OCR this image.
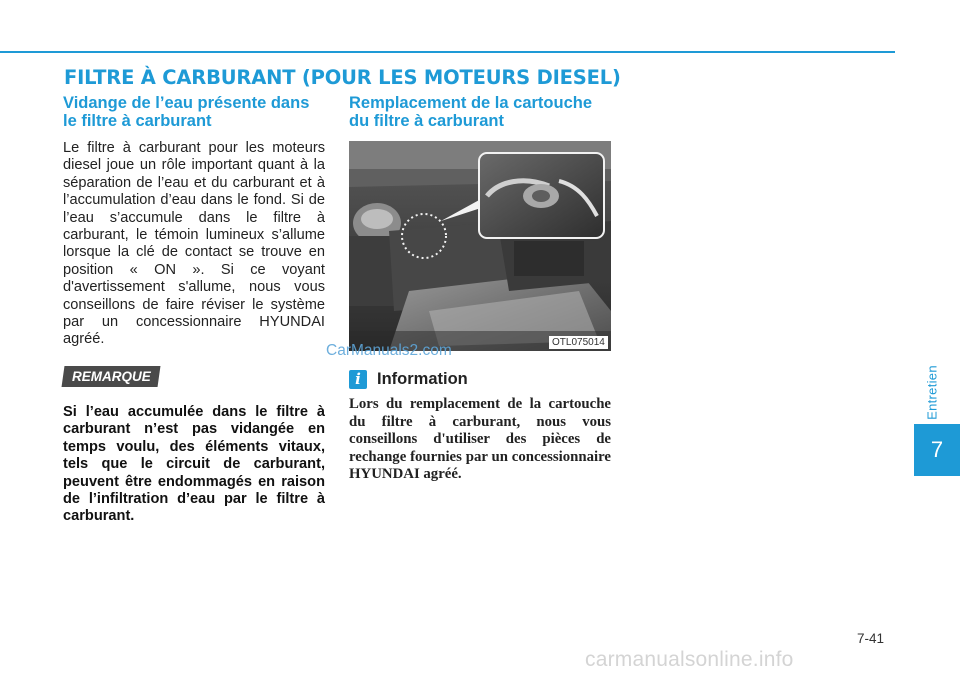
FILTRE À CARBURANT (POUR LES MOTEURS DIESEL)
Vidange de l’eau présente dans le filtre à carburant

Le filtre à carburant pour les moteurs diesel joue un rôle important quant à la séparation de l’eau et du carburant et à l’accumulation d’eau dans le fond. Si de l’eau s’accumule dans le filtre à carburant, le témoin lumineux s’allume lorsque la clé de contact se trouve en position « ON ». Si ce voyant d'avertissement s'allume, nous vous conseillons de faire réviser le système par un concessionnaire HYUNDAI agréé.

REMARQUE

Si l’eau accumulée dans le filtre à carburant n’est pas vidangée en temps voulu, des éléments vitaux, tels que le circuit de carburant, peuvent être endommagés en raison de l’infiltration d’eau par le filtre à carburant.

Remplacement de la cartouche du filtre à carburant
OTL075014
CarManuals2.com
i Information
Lors du remplacement de la cartouche du filtre à carburant, nous vous conseillons d'utiliser des pièces de rechange fournies par un concessionnaire HYUNDAI agréé.
Entretien
7
7-41
carmanualsonline.info
